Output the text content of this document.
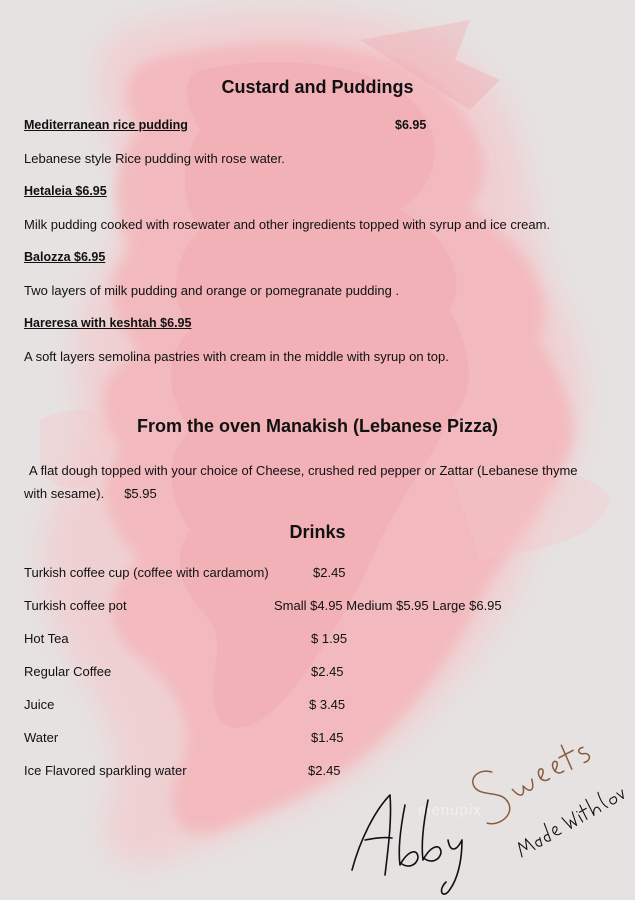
Custard and Puddings
Mediterranean rice pudding	$6.95
Lebanese style Rice pudding with rose water.
Hetaleia $6.95
Milk pudding cooked with rosewater and other ingredients topped with syrup and ice cream.
Balozza $6.95
Two layers of milk pudding and orange or pomegranate pudding .
Hareresa with keshtah $6.95
A soft layers semolina pastries with cream in the middle with syrup on top.
From the oven Manakish (Lebanese Pizza)
A flat dough topped with your choice of Cheese, crushed red pepper or Zattar (Lebanese thyme with sesame). $5.95
Drinks
Turkish coffee cup (coffee with cardamom)	$2.45
Turkish coffee pot	Small $4.95 Medium $5.95 Large $6.95
Hot Tea	$ 1.95
Regular Coffee	$2.45
Juice	$ 3.45
Water	$1.45
Ice Flavored sparkling water	$2.45
menupix
